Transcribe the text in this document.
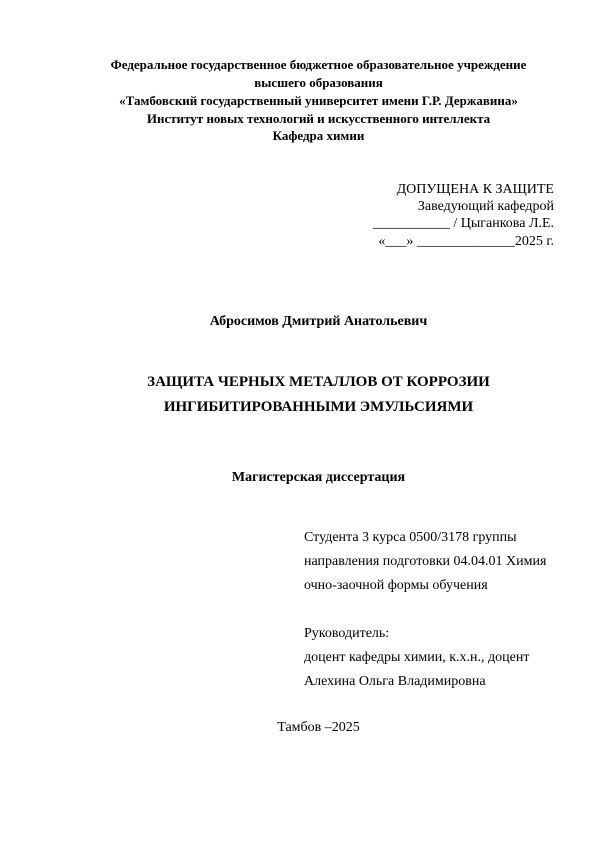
Федеральное государственное бюджетное образовательное учреждение
высшего образования
«Тамбовский государственный университет имени Г.Р. Державина»
Институт новых технологий и искусственного интеллекта
Кафедра химии
ДОПУЩЕНА К ЗАЩИТЕ
Заведующий кафедрой
___________ / Цыганкова Л.Е.
«___» ______________2025 г.
Абросимов Дмитрий Анатольевич
ЗАЩИТА ЧЕРНЫХ МЕТАЛЛОВ ОТ КОРРОЗИИ
ИНГИБИТИРОВАННЫМИ ЭМУЛЬСИЯМИ
Магистерская диссертация
Студента 3 курса 0500/3178 группы
направления подготовки 04.04.01 Химия
очно-заочной формы обучения
Руководитель:
доцент кафедры химии, к.х.н., доцент
Алехина Ольга Владимировна
Тамбов –2025
